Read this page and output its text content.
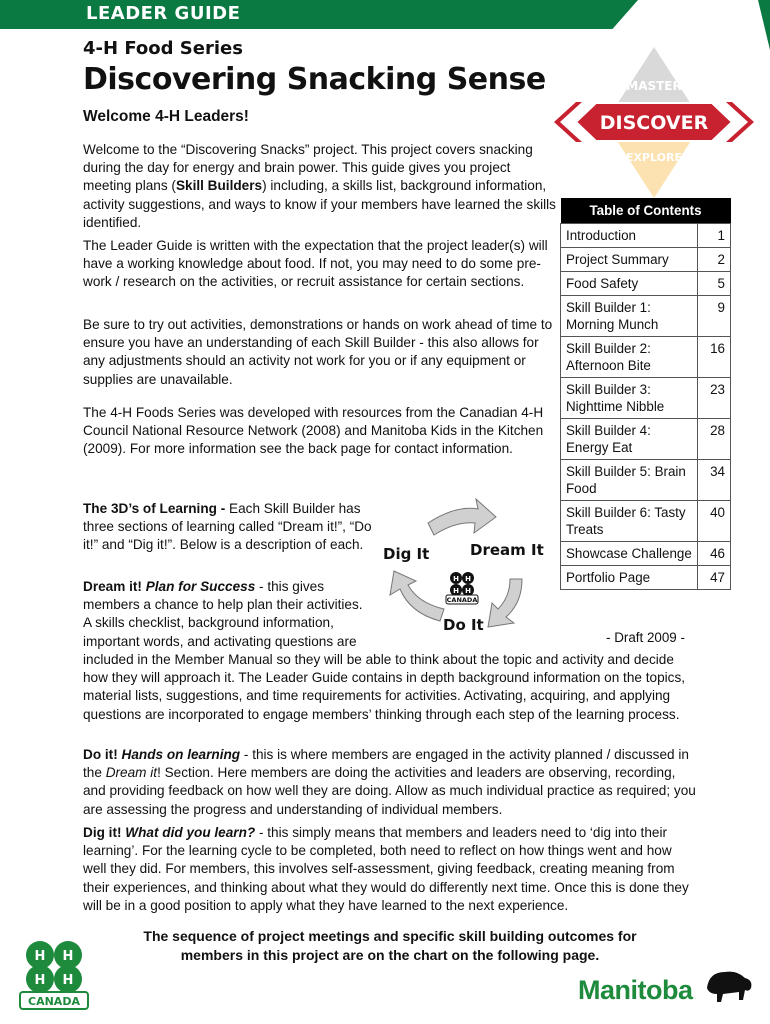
LEADER GUIDE
4-H Food Series
Discovering Snacking Sense	MASTER
DISCOVER
EXPLORE
Welcome 4-H Leaders!

Welcome to the “Discovering Snacks” project. This project covers snacking during the day for energy and brain power. This guide gives you project meeting plans (Skill Builders) including, a skills list, background information, activity suggestions, and ways to know if your members have learned the skills identified.

The Leader Guide is written with the expectation that the project leader(s) will have a working knowledge about food. If not, you may need to do some pre-work / research on the activities, or recruit assistance for certain sections.

Be sure to try out activities, demonstrations or hands on work ahead of time to ensure you have an understanding of each Skill Builder - this also allows for any adjustments should an activity not work for you or if any equipment or supplies are unavailable.

The 4-H Foods Series was developed with resources from the Canadian 4-H Council National Resource Network (2008) and Manitoba Kids in the Kitchen (2009). For more information see the back page for contact information.

The 3D’s of Learning - Each Skill Builder has three sections of learning called “Dream it!”, “Do it!” and “Dig it!”. Below is a description of each.

Dream it! Plan for Success - this gives members a chance to help plan their activities. A skills checklist, background information, important words, and activating questions are

included in the Member Manual so they will be able to think about the topic and activity and decide how they will approach it. The Leader Guide contains in depth background information on the topics, material lists, suggestions, and time requirements for activities. Activating, acquiring, and applying questions are incorporated to engage members’ thinking through each step of the learning process.

Do it! Hands on learning - this is where members are engaged in the activity planned / discussed in the Dream it! Section. Here members are doing the activities and leaders are observing, recording, and providing feedback on how well they are doing. Allow as much individual practice as required; you are assessing the progress and understanding of individual members.

Dig it! What did you learn? - this simply means that members and leaders need to ‘dig into their learning’. For the learning cycle to be completed, both need to reflect on how things went and how well they did. For members, this involves self-assessment, giving feedback, creating meaning from their experiences, and thinking about what they would do differently next time. Once this is done they will be in a good position to apply what they have learned to the next experience.

H H
H H
CANADA
Dig It	Dream It
Do It
Table of Contents	
Introduction	1
Project Summary	2
Food Safety	5
Skill Builder 1: Morning Munch	9
Skill Builder 2: Afternoon Bite	16
Skill Builder 3: Nighttime Nibble	23
Skill Builder 4: Energy Eat	28
Skill Builder 5: Brain Food	34
Skill Builder 6: Tasty Treats	40
Showcase Challenge	46
Portfolio Page	47
- Draft 2009 -
The sequence of project meetings and specific skill building outcomes for members in this project are on the chart on the following page.
H H
H H
CANADA	Manitoba
